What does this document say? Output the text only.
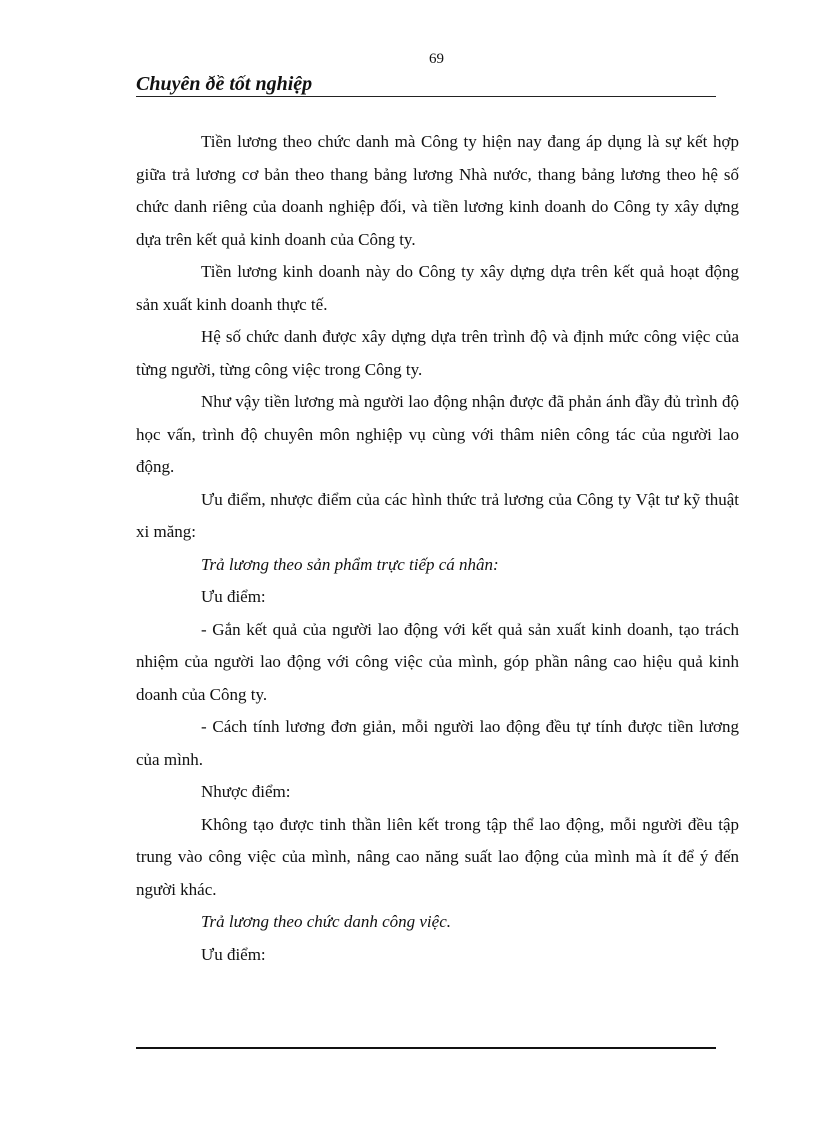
69
Chuyên ðề tốt nghiệp

Tiền lương theo chức danh mà Công ty hiện nay đang áp dụng là sự kết hợp giữa trả lương cơ bản theo thang bảng lương Nhà nước, thang bảng lương theo hệ số chức danh riêng của doanh nghiệp đối, và tiền lương kinh doanh do Công ty xây dựng dựa trên kết quả kinh doanh của Công ty.

Tiền lương kinh doanh này do Công ty xây dựng dựa trên kết quả hoạt động sản xuất kinh doanh thực tế.

Hệ số chức danh được xây dựng dựa trên trình độ và định mức công việc của từng người, từng công việc trong Công ty.

Như vậy tiền lương mà người lao động nhận được đã phản ánh đầy đủ trình độ học vấn, trình độ chuyên môn nghiệp vụ cùng với thâm niên công tác của người lao động.

Ưu điểm, nhược điểm của các hình thức trả lương của Công ty Vật tư kỹ thuật xi măng:

Trả lương theo sản phẩm trực tiếp cá nhân:

Ưu điểm:

- Gắn kết quả của người lao động với kết quả sản xuất kinh doanh, tạo trách nhiệm của người lao động với công việc của mình, góp phần nâng cao hiệu quả kinh doanh của Công ty.

- Cách tính lương đơn giản, mỗi người lao động đều tự tính được tiền lương của mình.

Nhược điểm:

Không tạo được tinh thần liên kết trong tập thể lao động, mỗi người đều tập trung vào công việc của mình, nâng cao năng suất lao động của mình mà ít để ý đến người khác.

Trả lương theo chức danh công việc.

Ưu điểm:
